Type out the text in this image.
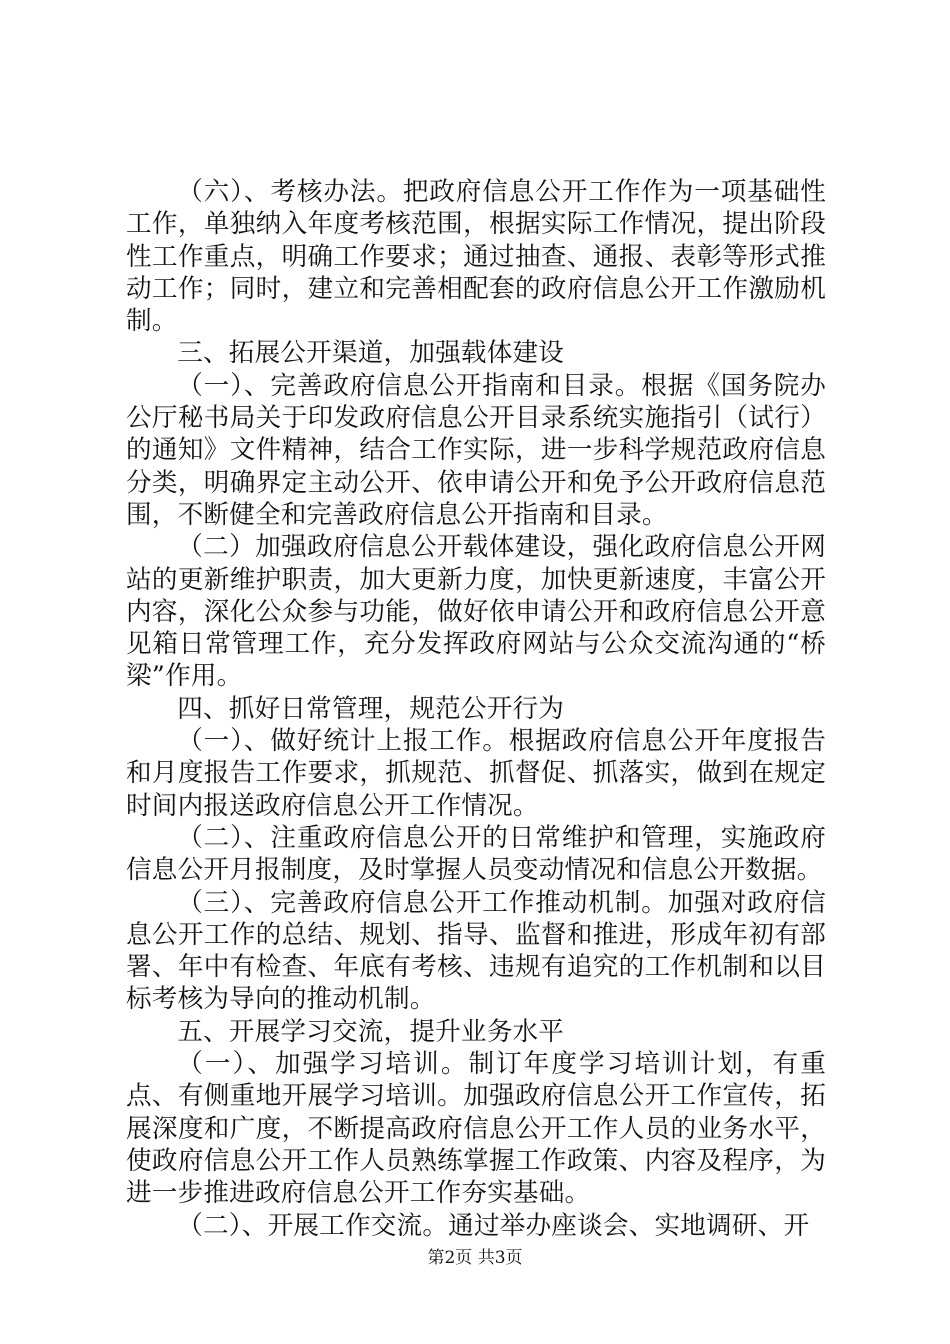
（六）、考核办法。把政府信息公开工作作为一项基础性工作，单独纳入年度考核范围，根据实际工作情况，提出阶段性工作重点，明确工作要求；通过抽查、通报、表彰等形式推动工作；同时，建立和完善相配套的政府信息公开工作激励机制。

三、拓展公开渠道，加强载体建设

（一）、完善政府信息公开指南和目录。根据《国务院办公厅秘书局关于印发政府信息公开目录系统实施指引（试行）的通知》文件精神，结合工作实际，进一步科学规范政府信息分类，明确界定主动公开、依申请公开和免予公开政府信息范围，不断健全和完善政府信息公开指南和目录。

（二）加强政府信息公开载体建设，强化政府信息公开网站的更新维护职责，加大更新力度，加快更新速度，丰富公开内容，深化公众参与功能，做好依申请公开和政府信息公开意见箱日常管理工作，充分发挥政府网站与公众交流沟通的“桥梁”作用。

四、抓好日常管理，规范公开行为

（一）、做好统计上报工作。根据政府信息公开年度报告和月度报告工作要求，抓规范、抓督促、抓落实，做到在规定时间内报送政府信息公开工作情况。

（二）、注重政府信息公开的日常维护和管理，实施政府信息公开月报制度，及时掌握人员变动情况和信息公开数据。

（三）、完善政府信息公开工作推动机制。加强对政府信息公开工作的总结、规划、指导、监督和推进，形成年初有部署、年中有检查、年底有考核、违规有追究的工作机制和以目标考核为导向的推动机制。

五、开展学习交流，提升业务水平

（一）、加强学习培训。制订年度学习培训计划，有重点、有侧重地开展学习培训。加强政府信息公开工作宣传，拓展深度和广度，不断提高政府信息公开工作人员的业务水平，使政府信息公开工作人员熟练掌握工作政策、内容及程序，为进一步推进政府信息公开工作夯实基础。

（二）、开展工作交流。通过举办座谈会、实地调研、开

第2页 共3页
